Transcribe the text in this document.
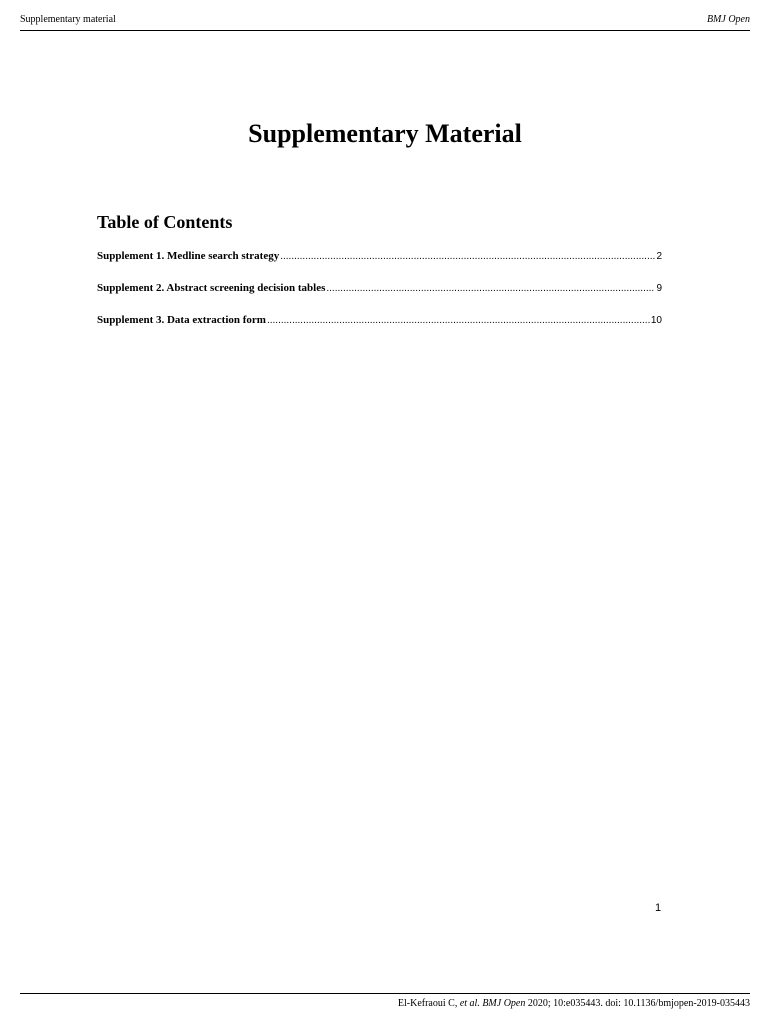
Supplementary material	BMJ Open
Supplementary Material
Table of Contents
Supplement 1. Medline search strategy .....	2
Supplement 2. Abstract screening decision tables .....	9
Supplement 3. Data extraction form .....	10
1
El-Kefraoui C, et al. BMJ Open 2020; 10:e035443. doi: 10.1136/bmjopen-2019-035443
